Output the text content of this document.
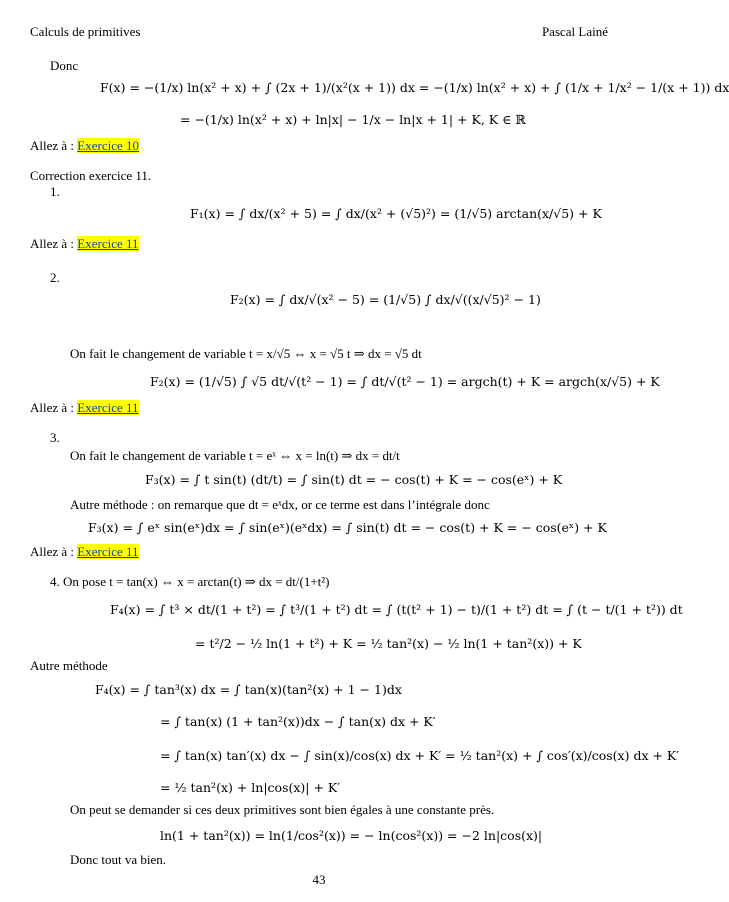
Calculs de primitives	Pascal Lainé
Donc
F(x) = −(1/x) ln(x² + x) + ∫ (2x + 1)/(x²(x + 1)) dx = −(1/x) ln(x² + x) + ∫ (1/x + 1/x² − 1/(x + 1)) dx
= −(1/x) ln(x² + x) + ln|x| − 1/x − ln|x + 1| + K, K ∈ ℝ
Allez à : Exercice 10
Correction exercice 11.
1.
F₁(x) = ∫ dx/(x² + 5) = ∫ dx/(x² + (√5)²) = (1/√5) arctan(x/√5) + K
Allez à : Exercice 11
2.
F₂(x) = ∫ dx/√(x² − 5) = (1/√5) ∫ dx/√((x/√5)² − 1)
On fait le changement de variable t = x/√5 ⇔ x = √5 t ⇒ dx = √5 dt
F₂(x) = (1/√5) ∫ √5 dt/√(t² − 1) = ∫ dt/√(t² − 1) = argch(t) + K = argch(x/√5) + K
Allez à : Exercice 11
3.
On fait le changement de variable t = eˣ ⇔ x = ln(t) ⇒ dx = dt/t
F₃(x) = ∫ t sin(t) (dt/t) = ∫ sin(t) dt = − cos(t) + K = − cos(eˣ) + K
Autre méthode : on remarque que dt = eˣdx, or ce terme est dans l’intégrale donc
F₃(x) = ∫ eˣ sin(eˣ)dx = ∫ sin(eˣ)(eˣdx) = ∫ sin(t) dt = − cos(t) + K = − cos(eˣ) + K
Allez à : Exercice 11
4. On pose t = tan(x) ⇔ x = arctan(t) ⇒ dx = dt/(1+t²)
F₄(x) = ∫ t³ × dt/(1 + t²) = ∫ t³/(1 + t²) dt = ∫ (t(t² + 1) − t)/(1 + t²) dt = ∫ (t − t/(1 + t²)) dt
= t²/2 − ½ ln(1 + t²) + K = ½ tan²(x) − ½ ln(1 + tan²(x)) + K
Autre méthode
F₄(x) = ∫ tan³(x) dx = ∫ tan(x)(tan²(x) + 1 − 1)dx
= ∫ tan(x) (1 + tan²(x))dx − ∫ tan(x) dx + K′
= ∫ tan(x) tan′(x) dx − ∫ sin(x)/cos(x) dx + K′ = ½ tan²(x) + ∫ cos′(x)/cos(x) dx + K′
= ½ tan²(x) + ln|cos(x)| + K′
On peut se demander si ces deux primitives sont bien égales à une constante près.
ln(1 + tan²(x)) = ln(1/cos²(x)) = − ln(cos²(x)) = −2 ln|cos(x)|
Donc tout va bien.
43
